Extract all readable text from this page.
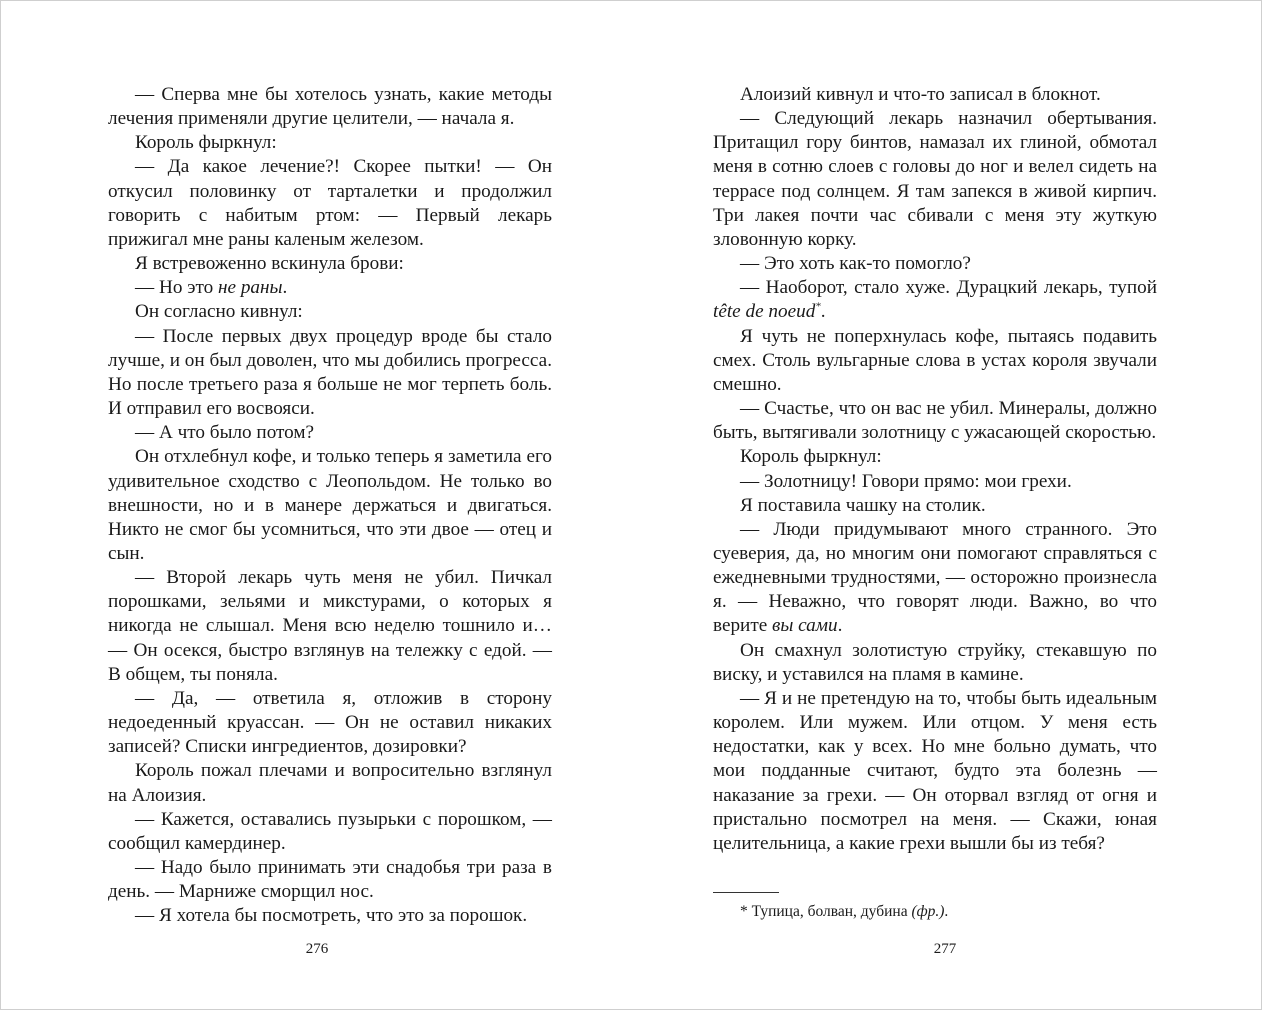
— Сперва мне бы хотелось узнать, какие методы лечения применяли другие целители, — начала я.

Король фыркнул:

— Да какое лечение?! Скорее пытки! — Он откусил половинку от тарталетки и продолжил говорить с набитым ртом: — Первый лекарь прижигал мне раны каленым железом.

Я встревоженно вскинула брови:

— Но это не раны.

Он согласно кивнул:

— После первых двух процедур вроде бы стало лучше, и он был доволен, что мы добились прогресса. Но после третьего раза я больше не мог терпеть боль. И отправил его восвояси.

— А что было потом?

Он отхлебнул кофе, и только теперь я заметила его удивительное сходство с Леопольдом. Не только во внешности, но и в манере держаться и двигаться. Никто не смог бы усомниться, что эти двое — отец и сын.

— Второй лекарь чуть меня не убил. Пичкал порошками, зельями и микстурами, о которых я никогда не слышал. Меня всю неделю тошнило и… — Он осекся, быстро взглянув на тележку с едой. — В общем, ты поняла.

— Да, — ответила я, отложив в сторону недоеденный круассан. — Он не оставил никаких записей? Списки ингредиентов, дозировки?

Король пожал плечами и вопросительно взглянул на Алоизия.

— Кажется, оставались пузырьки с порошком, — сообщил камердинер.

— Надо было принимать эти снадобья три раза в день. — Марниже сморщил нос.

— Я хотела бы посмотреть, что это за порошок.

276

Алоизий кивнул и что-то записал в блокнот.

— Следующий лекарь назначил обертывания. Притащил гору бинтов, намазал их глиной, обмотал меня в сотню слоев с головы до ног и велел сидеть на террасе под солнцем. Я там запекся в живой кирпич. Три лакея почти час сбивали с меня эту жуткую зловонную корку.

— Это хоть как-то помогло?

— Наоборот, стало хуже. Дурацкий лекарь, тупой tête de noeud*.

Я чуть не поперхнулась кофе, пытаясь подавить смех. Столь вульгарные слова в устах короля звучали смешно.

— Счастье, что он вас не убил. Минералы, должно быть, вытягивали золотницу с ужасающей скоростью.

Король фыркнул:

— Золотницу! Говори прямо: мои грехи.

Я поставила чашку на столик.

— Люди придумывают много странного. Это суеверия, да, но многим они помогают справляться с ежедневными трудностями, — осторожно произнесла я. — Неважно, что говорят люди. Важно, во что верите вы сами.

Он смахнул золотистую струйку, стекавшую по виску, и уставился на пламя в камине.

— Я и не претендую на то, чтобы быть идеальным королем. Или мужем. Или отцом. У меня есть недостатки, как у всех. Но мне больно думать, что мои подданные считают, будто эта болезнь — наказание за грехи. — Он оторвал взгляд от огня и пристально посмотрел на меня. — Скажи, юная целительница, а какие грехи вышли бы из тебя?

* Тупица, болван, дубина (фр.).

277
